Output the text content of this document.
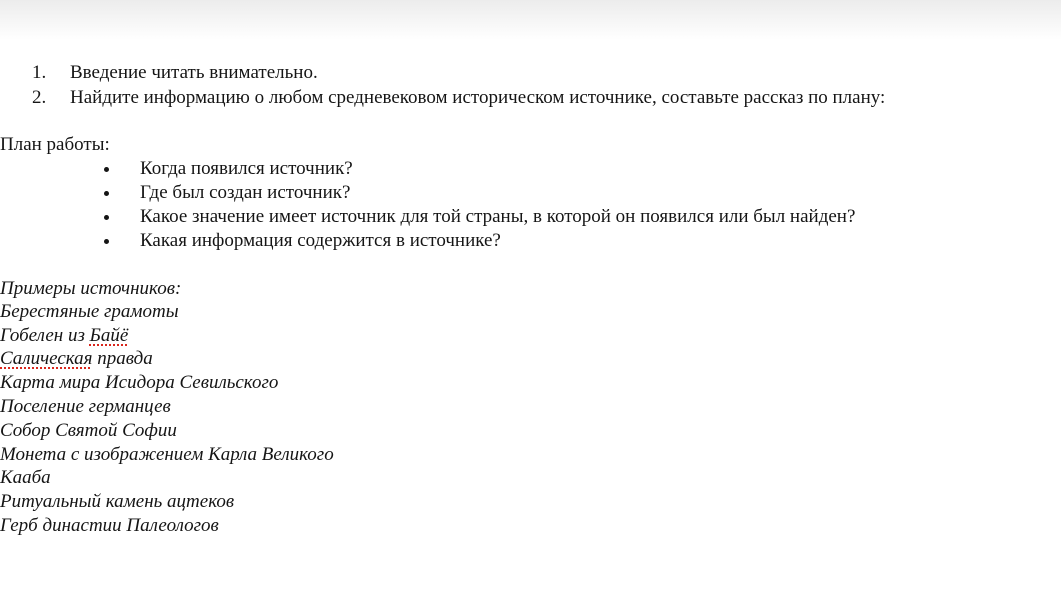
1. Введение читать внимательно.
2. Найдите информацию о любом средневековом историческом источнике, составьте рассказ по плану:
План работы:
Когда появился источник?
Где был создан источник?
Какое значение имеет источник для той страны, в которой он появился или был найден?
Какая информация содержится в источнике?
Примеры источников:
Берестяные грамоты
Гобелен из Байё
Салическая правда
Карта мира Исидора Севильского
Поселение германцев
Собор Святой Софии
Монета с изображением Карла Великого
Кааба
Ритуальный камень ацтеков
Герб династии Палеологов
